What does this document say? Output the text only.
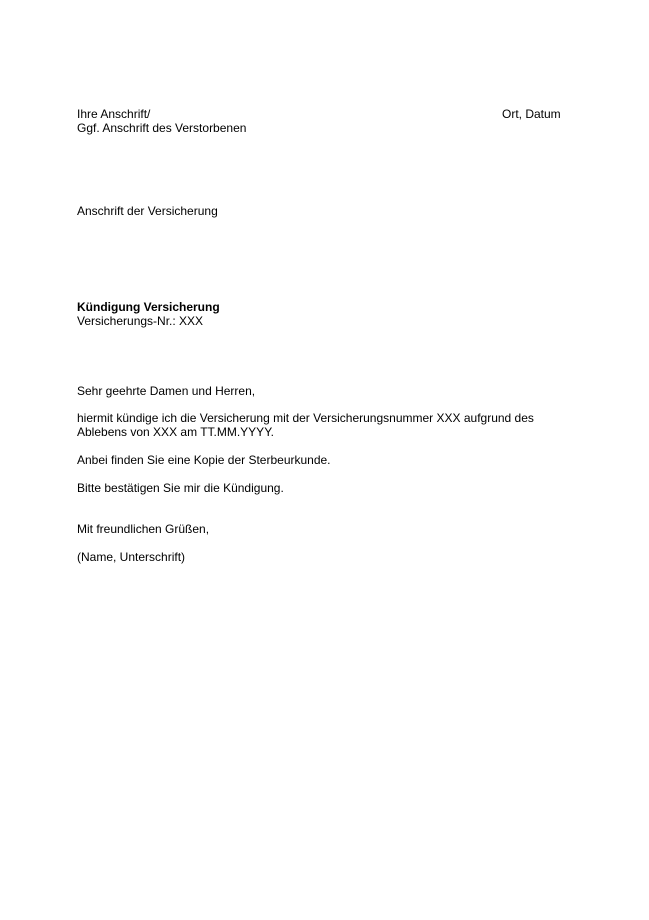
Ihre Anschrift/
Ggf. Anschrift des Verstorbenen
Ort, Datum
Anschrift der Versicherung
Kündigung Versicherung
Versicherungs-Nr.: XXX
Sehr geehrte Damen und Herren,
hiermit kündige ich die Versicherung mit der Versicherungsnummer XXX aufgrund des
Ablebens von XXX am TT.MM.YYYY.
Anbei finden Sie eine Kopie der Sterbeurkunde.
Bitte bestätigen Sie mir die Kündigung.
Mit freundlichen Grüßen,
(Name, Unterschrift)
